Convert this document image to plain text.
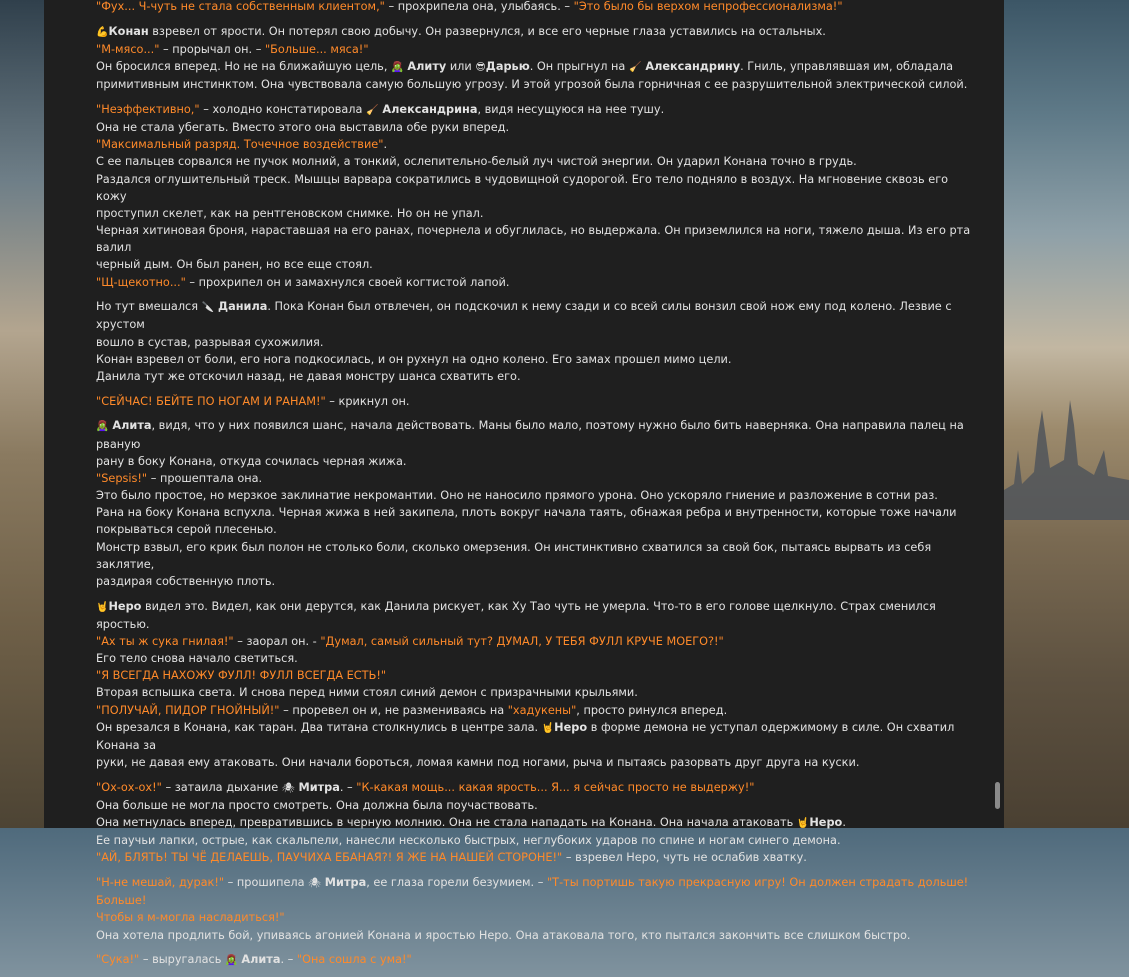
"Фух... Ч-чуть не стала собственным клиентом," – прохрипела она, улыбаясь. – "Это было бы верхом непрофессионализма!"
💪Конан взревел от ярости. Он потерял свою добычу. Он развернулся, и все его черные глаза уставились на остальных.
"М-мясо..." – прорычал он. – "Больше... мяса!"
Он бросился вперед. Но не на ближайшую цель, 🧟‍♀️ Алиту или 😎Дарью. Он прыгнул на 🧹 Александрину. Гниль, управлявшая им, обладала
примитивным инстинктом. Она чувствовала самую большую угрозу. И этой угрозой была горничная с ее разрушительной электрической силой.
"Неэффективно," – холодно констатировала 🧹 Александрина, видя несущуюся на нее тушу.
Она не стала убегать. Вместо этого она выставила обе руки вперед.
"Максимальный разряд. Точечное воздействие".
С ее пальцев сорвался не пучок молний, а тонкий, ослепительно-белый луч чистой энергии. Он ударил Конана точно в грудь.
Раздался оглушительный треск. Мышцы варвара сократились в чудовищной судорогой. Его тело подняло в воздух. На мгновение сквозь его кожу
проступил скелет, как на рентгеновском снимке. Но он не упал.
Черная хитиновая броня, нараставшая на его ранах, почернела и обуглилась, но выдержала. Он приземлился на ноги, тяжело дыша. Из его рта валил
черный дым. Он был ранен, но все еще стоял.
"Щ-щекотно..." – прохрипел он и замахнулся своей когтистой лапой.
Но тут вмешался 🔪 Данила. Пока Конан был отвлечен, он подскочил к нему сзади и со всей силы вонзил свой нож ему под колено. Лезвие с хрустом
вошло в сустав, разрывая сухожилия.
Конан взревел от боли, его нога подкосилась, и он рухнул на одно колено. Его замах прошел мимо цели.
Данила тут же отскочил назад, не давая монстру шанса схватить его.
"СЕЙЧАС! БЕЙТЕ ПО НОГАМ И РАНАМ!" – крикнул он.
🧟‍♀️ Алита, видя, что у них появился шанс, начала действовать. Маны было мало, поэтому нужно было бить наверняка. Она направила палец на рваную
рану в боку Конана, откуда сочилась черная жижа.
"Sepsis!" – прошептала она.
Это было простое, но мерзкое заклинатие некромантии. Оно не наносило прямого урона. Оно ускоряло гниение и разложение в сотни раз.
Рана на боку Конана вспухла. Черная жижа в ней закипела, плоть вокруг начала таять, обнажая ребра и внутренности, которые тоже начали
покрываться серой плесенью.
Монстр взвыл, его крик был полон не столько боли, сколько омерзения. Он инстинктивно схватился за свой бок, пытаясь вырвать из себя заклятие,
раздирая собственную плоть.
🤘Неро видел это. Видел, как они дерутся, как Данила рискует, как Ху Тао чуть не умерла. Что-то в его голове щелкнуло. Страх сменился яростью.
"Ах ты ж сука гнилая!" – заорал он. - "Думал, самый сильный тут? ДУМАЛ, У ТЕБЯ ФУЛЛ КРУЧЕ МОЕГО?!"
Его тело снова начало светиться.
"Я ВСЕГДА НАХОЖУ ФУЛЛ! ФУЛЛ ВСЕГДА ЕСТЬ!"
Вторая вспышка света. И снова перед ними стоял синий демон с призрачными крыльями.
"ПОЛУЧАЙ, ПИДОР ГНОЙНЫЙ!" – проревел он и, не размениваясь на "хадукены", просто ринулся вперед.
Он врезался в Конана, как таран. Два титана столкнулись в центре зала. 🤘Неро в форме демона не уступал одержимому в силе. Он схватил Конана за
руки, не давая ему атаковать. Они начали бороться, ломая камни под ногами, рыча и пытаясь разорвать друг друга на куски.
"Ох-ох-ох!" – затаила дыхание 🕷 Митра. – "К-какая мощь... какая ярость... Я... я сейчас просто не выдержу!"
Она больше не могла просто смотреть. Она должна была поучаствовать.
Она метнулась вперед, превратившись в черную молнию. Она не стала нападать на Конана. Она начала атаковать 🤘Неро.
Ее паучьи лапки, острые, как скальпели, нанесли несколько быстрых, неглубоких ударов по спине и ногам синего демона.
"АЙ, БЛЯТЬ! ТЫ ЧЁ ДЕЛАЕШЬ, ПАУЧИХА ЕБАНАЯ?! Я ЖЕ НА НАШЕЙ СТОРОНЕ!" – взревел Неро, чуть не ослабив хватку.
"Н-не мешай, дурак!" – прошипела 🕷 Митра, ее глаза горели безумием. – "Т-ты портишь такую прекрасную игру! Он должен страдать дольше! Больше!
Чтобы я м-могла насладиться!"
Она хотела продлить бой, упиваясь агонией Конана и яростью Неро. Она атаковала того, кто пытался закончить все слишком быстро.
"Сука!" – выругалась 🧟‍♀️ Алита. – "Она сошла с ума!"
